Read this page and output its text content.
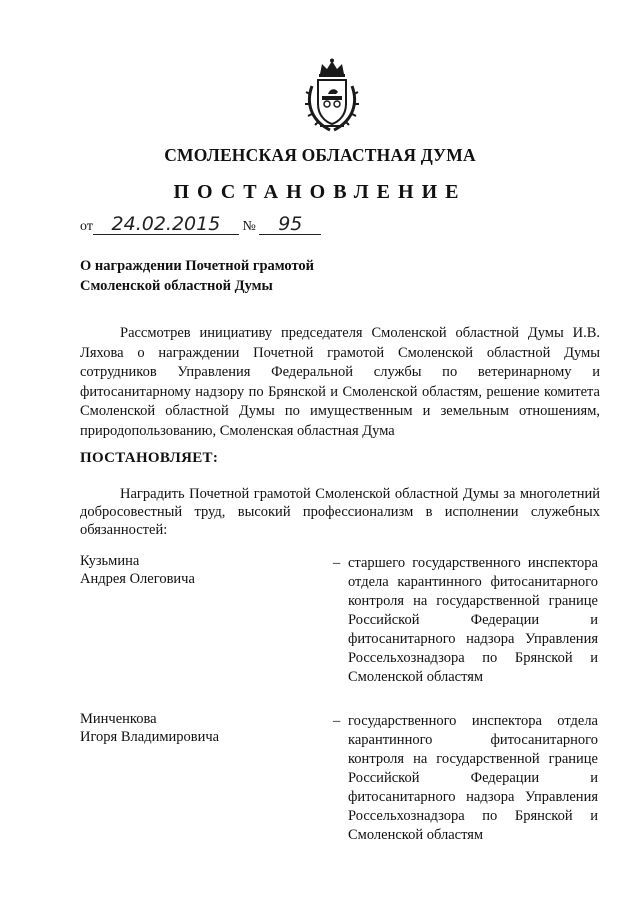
СМОЛЕНСКАЯ ОБЛАСТНАЯ ДУМА
ПОСТАНОВЛЕНИЕ
от 24.02.2015 № 95
О награждении Почетной грамотой
Смоленской областной Думы

Рассмотрев инициативу председателя Смоленской областной Думы И.В. Ляхова о награждении Почетной грамотой Смоленской областной Думы сотрудников Управления Федеральной службы по ветеринарному и фитосанитарному надзору по Брянской и Смоленской областям, решение комитета Смоленской областной Думы по имущественным и земельным отношениям, природопользованию, Смоленская областная Дума

ПОСТАНОВЛЯЕТ:

Наградить Почетной грамотой Смоленской областной Думы за многолетний добросовестный труд, высокий профессионализм в исполнении служебных обязанностей:

Кузьмина
Андрея Олеговича
– старшего государственного инспектора отдела карантинного фитосанитарного контроля на государственной границе Российской Федерации и фитосанитарного надзора Управления Россельхознадзора по Брянской и Смоленской областям

Минченкова
Игоря Владимировича
– государственного инспектора отдела карантинного фитосанитарного контроля на государственной границе Российской Федерации и фитосанитарного надзора Управления Россельхознадзора по Брянской и Смоленской областям
